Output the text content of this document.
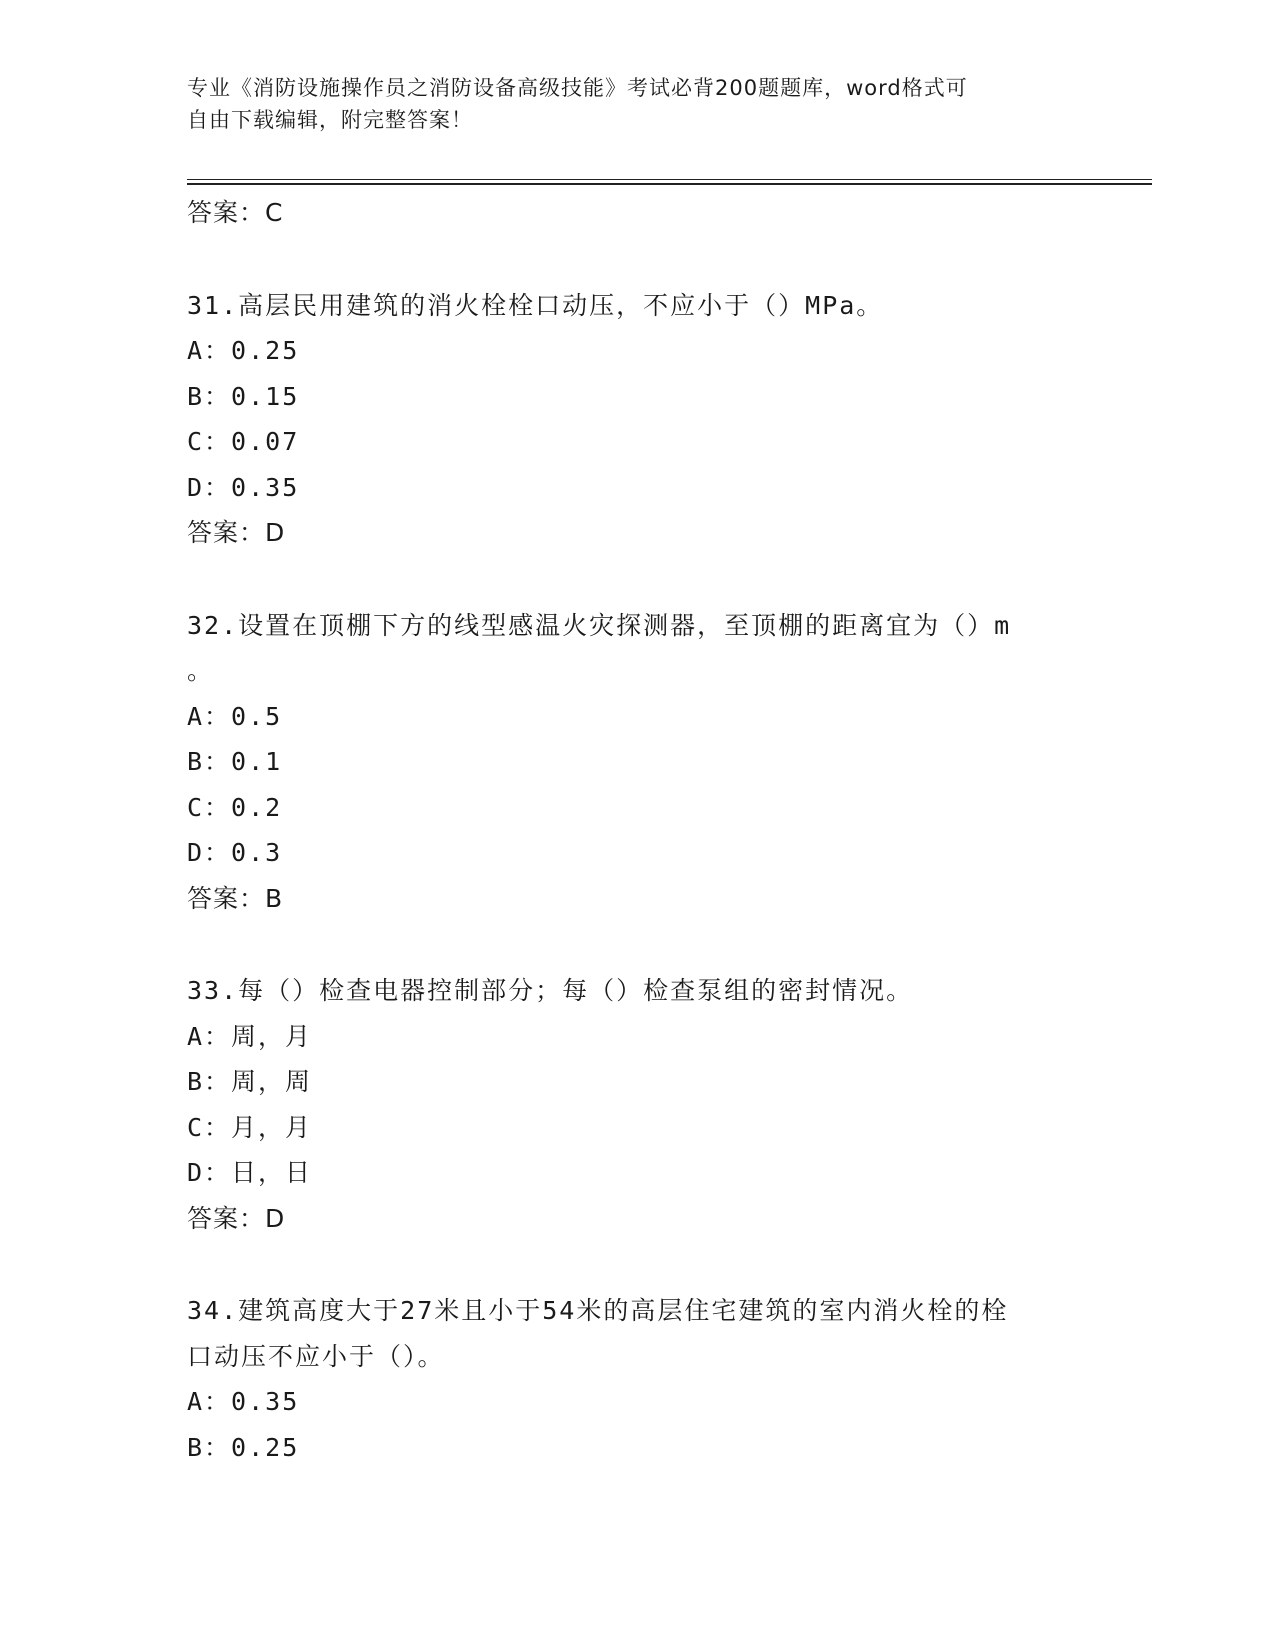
专业《消防设施操作员之消防设备高级技能》考试必背200题题库，word格式可
自由下载编辑，附完整答案！
答案：C
31.高层民用建筑的消火栓栓口动压，不应小于（）MPa。
A：0.25
B：0.15
C：0.07
D：0.35
答案：D
32.设置在顶棚下方的线型感温火灾探测器，至顶棚的距离宜为（）m
。
A：0.5
B：0.1
C：0.2
D：0.3
答案：B
33.每（）检查电器控制部分；每（）检查泵组的密封情况。
A：周，月
B：周，周
C：月，月
D：日，日
答案：D
34.建筑高度大于27米且小于54米的高层住宅建筑的室内消火栓的栓
口动压不应小于（）。
A：0.35
B：0.25
